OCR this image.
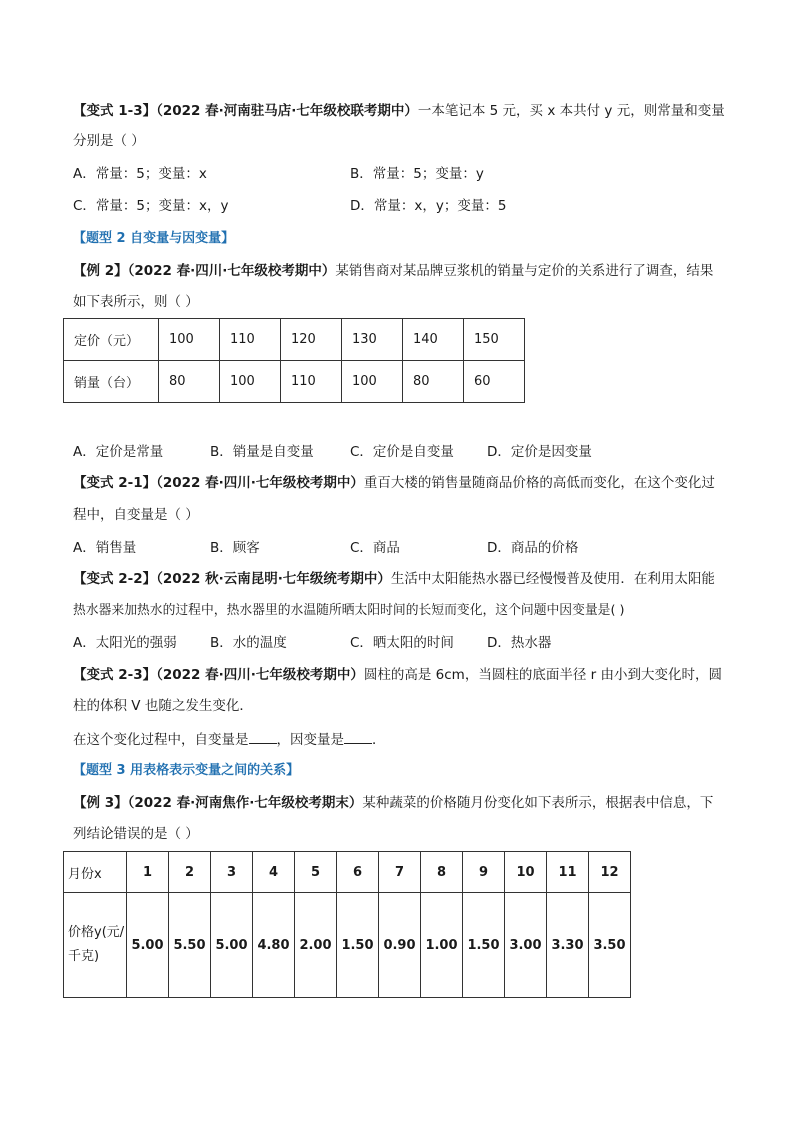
【变式 1-3】（2022 春·河南驻马店·七年级校联考期中）一本笔记本 5 元，买 x 本共付 y 元，则常量和变量
分别是（ ）
A．常量：5；变量：x	B．常量：5；变量：y
C．常量：5；变量：x，y	D．常量：x，y；变量：5
【题型 2 自变量与因变量】
【例 2】（2022 春·四川·七年级校考期中）某销售商对某品牌豆浆机的销量与定价的关系进行了调查，结果
如下表所示，则（ ）
定价（元）	100	110	120	130	140	150
销量（台）	80	100	110	100	80	60
A．定价是常量	B．销量是自变量	C．定价是自变量 D．定价是因变量
【变式 2-1】（2022 春·四川·七年级校考期中）重百大楼的销售量随商品价格的高低而变化，在这个变化过
程中，自变量是（ ）
A．销售量	B．顾客	C．商品	D．商品的价格
【变式 2-2】（2022 秋·云南昆明·七年级统考期中）生活中太阳能热水器已经慢慢普及使用．在利用太阳能
热水器来加热水的过程中，热水器里的水温随所晒太阳时间的长短而变化，这个问题中因变量是( )
A．太阳光的强弱 B．水的温度	C．晒太阳的时间 D．热水器
【变式 2-3】（2022 春·四川·七年级校考期中）圆柱的高是 6cm，当圆柱的底面半径 r 由小到大变化时，圆
柱的体积 V 也随之发生变化．
在这个变化过程中，自变量是 ，因变量是 ．
【题型 3 用表格表示变量之间的关系】
【例 3】（2022 春·河南焦作·七年级校考期末）某种蔬菜的价格随月份变化如下表所示，根据表中信息，下
列结论错误的是（ ）
月份x	1	2	3	4	5	6	7	8	9	10	11	12
价格y(元/千克)	5.00	5.50	5.00	4.80	2.00	1.50	0.90	1.00	1.50	3.00	3.30	3.50
